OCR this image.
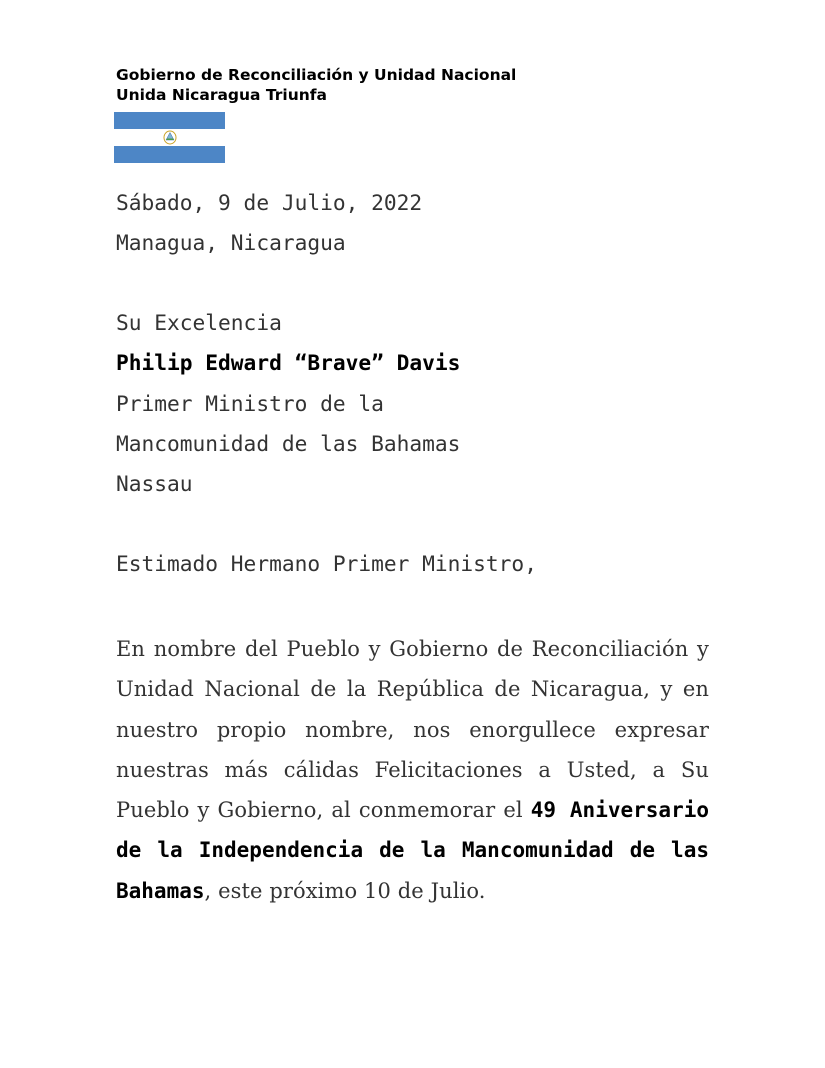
Gobierno de Reconciliación y Unidad Nacional
Unida Nicaragua Triunfa
Sábado, 9 de Julio, 2022
Managua, Nicaragua
Su Excelencia
Philip Edward “Brave” Davis
Primer Ministro de la
Mancomunidad de las Bahamas
Nassau
Estimado Hermano Primer Ministro,
En nombre del Pueblo y Gobierno de Reconciliación y Unidad Nacional de la República de Nicaragua, y en nuestro propio nombre, nos enorgullece expresar nuestras más cálidas Felicitaciones a Usted, a Su Pueblo y Gobierno, al conmemorar el 49 Aniversario de la Independencia de la Mancomunidad de las Bahamas, este próximo 10 de Julio.
